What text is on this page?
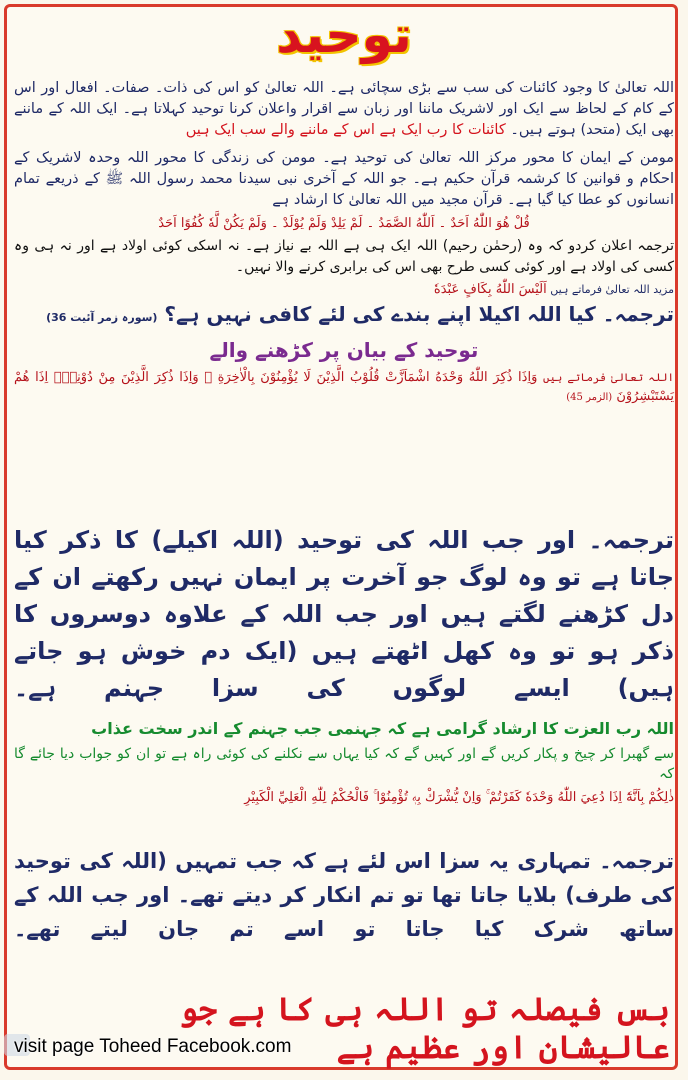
توحید
اللہ تعالیٰ کا وجود کائنات کی سب سے بڑی سچائی ہے۔ اللہ تعالیٰ کو اس کی ذات۔ صفات۔ افعال اور اس کے کام کے لحاظ سے ایک اور لاشریک ماننا اور زبان سے اقرار واعلان کرنا توحید کہلاتا ہے۔ ایک اللہ کے ماننے بھی ایک (متحد) ہوتے ہیں۔ کائنات کا رب ایک ہے اس کے ماننے والے سب ایک ہیں
مومن کے ایمان کا محور مرکز اللہ تعالیٰ کی توحید ہے۔ مومن کی زندگی کا محور اللہ وحدہ لاشریک کے احکام و قوانین کا کرشمہ قرآن حکیم ہے۔ جو اللہ کے آخری نبی سیدنا محمد رسول اللہ ﷺ کے ذریعے تمام انسانوں کو عطا کیا گیا ہے۔ قرآن مجید میں اللہ تعالیٰ کا ارشاد ہے
قُلْ هُوَ اللّٰهُ اَحَدٌ ۔ اَللّٰهُ الصَّمَدُ ۔ لَمْ يَلِدْ وَلَمْ يُوْلَدْ ۔ وَلَمْ يَكُنْ لَّهٗ كُفُوًا اَحَدٌ
ترجمہ اعلان کردو کہ وہ (رحمٰن رحیم) اللہ ایک ہی ہے اللہ بے نیاز ہے۔ نہ اسکی کوئی اولاد ہے اور نہ ہی وہ کسی کی اولاد ہے اور کوئی کسی طرح بھی اس کی برابری کرنے والا نہیں۔
مزید اللہ تعالیٰ فرماتے ہیں اَلَيْسَ اللّٰهُ بِكَافٍ عَبْدَهٗ
ترجمہ۔ کیا اللہ اکیلا اپنے بندے کی لئے کافی نہیں ہے؟ (سورہ زمر آئیت 36)
توحید کے بیان پر کڑھنے والے
اللہ تعالیٰ فرماتے ہیں وَاِذَا ذُكِرَ اللّٰهُ وَحْدَهُ اشْمَاَزَّتْ قُلُوْبُ الَّذِيْنَ لَا يُؤْمِنُوْنَ بِالْاٰخِرَةِ ۚ وَاِذَا ذُكِرَ الَّذِيْنَ مِنْ دُوْنِهٖٓ اِذَا هُمْ يَسْتَبْشِرُوْنَ (الزمر 45)
ترجمہ۔ اور جب اللہ کی توحید (اللہ اکیلے) کا ذکر کیا جاتا ہے تو وہ لوگ جو آخرت پر ایمان نہیں رکھتے ان کے دل کڑھنے لگتے ہیں اور جب اللہ کے علاوہ دوسروں کا ذکر ہو تو وہ کھل اٹھتے ہیں (ایک دم خوش ہو جاتے ہیں) ایسے لوگوں کی سزا جہنم ہے۔
اللہ رب العزت کا ارشاد گرامی ہے کہ جہنمی جب جہنم کے اندر سخت عذاب
سے گھبرا کر چیخ و پکار کریں گے اور کہیں گے کہ کیا یہاں سے نکلنے کی کوئی راہ ہے تو ان کو جواب دیا جائے گا کہ
ذٰلِكُمْ بِاَنَّهٗٓ اِذَا دُعِيَ اللّٰهُ وَحْدَهٗ كَفَرْتُمْ ۚ وَاِنْ يُّشْرَكْ بِهٖ تُؤْمِنُوْا ۚ فَالْحُكْمُ لِلّٰهِ الْعَلِيِّ الْكَبِيْرِ
ترجمہ۔ تمہاری یہ سزا اس لئے ہے کہ جب تمہیں (اللہ کی توحید کی طرف) بلایا جاتا تھا تو تم انکار کر دیتے تھے۔ اور جب اللہ کے ساتھ شرک کیا جاتا تو اسے تم جان لیتے تھے۔
بس فیصلہ تو اللہ ہی کا ہے جو عالیشان اور عظیم ہے
visit page Toheed Facebook.com
